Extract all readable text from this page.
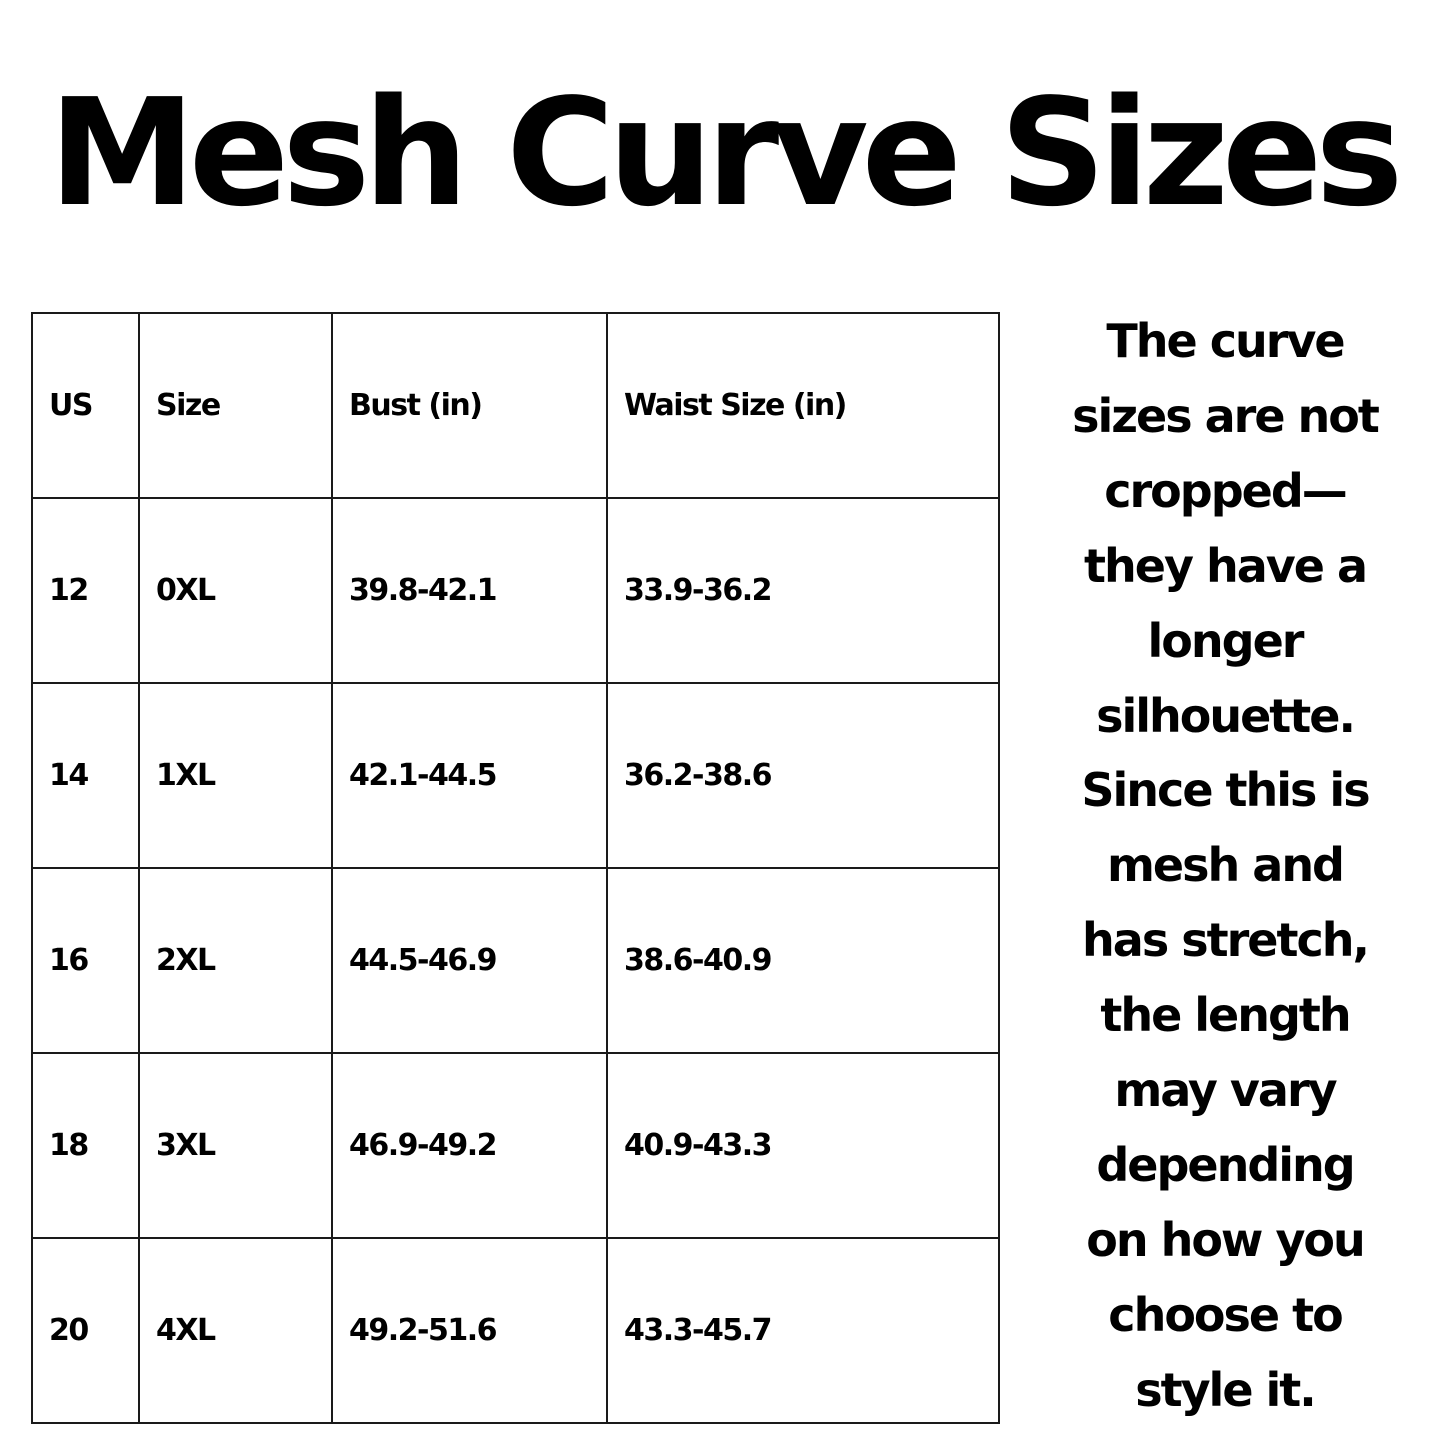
Mesh Curve Sizes
US	Size	Bust (in)	Waist Size (in)
12	0XL	39.8-42.1	33.9-36.2
14	1XL	42.1-44.5	36.2-38.6
16	2XL	44.5-46.9	38.6-40.9
18	3XL	46.9-49.2	40.9-43.3
20	4XL	49.2-51.6	43.3-45.7
The curve
sizes are not
cropped—
they have a
longer
silhouette.
Since this is
mesh and
has stretch,
the length
may vary
depending
on how you
choose to
style it.
